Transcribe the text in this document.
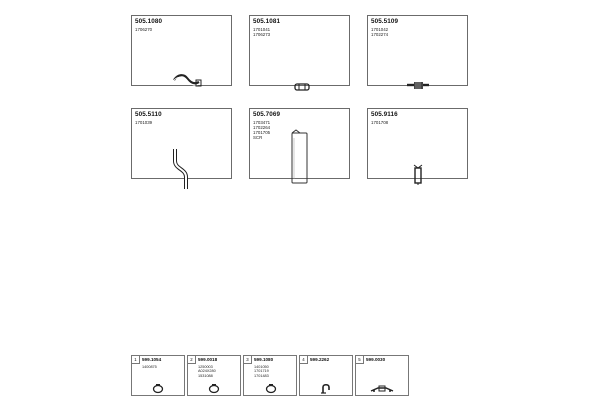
505.1080
1706270
505.1081
1701041
1706273
505.5109
1701042
1702274
505.5110
1701039
505.7069
1703471
1702264
1701705
SCR
505.9116
1701708
1	599.1054
1400875
2	599.0018
1250003
A024X280
1531088
3	599.1080
1401050
1701719
1701483
4	599.2262	5	599.0030
